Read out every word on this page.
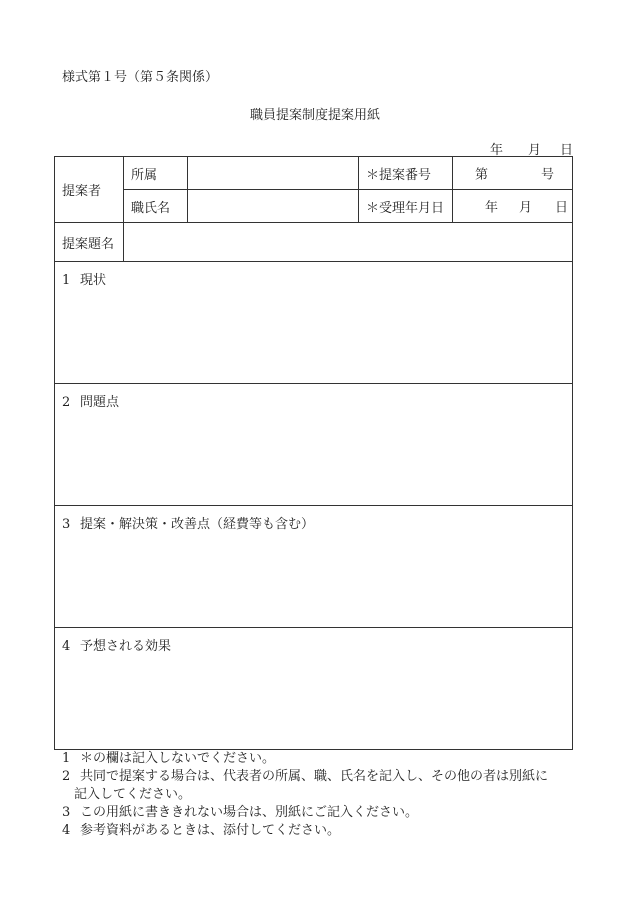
様式第１号（第５条関係）
職員提案制度提案用紙
年 月 日
提案者	所属		＊提案番号	第 号

	職氏名		＊受理年月日	年 月 日

提案題名				
1 現状				
2 問題点				
3 提案・解決策・改善点（経費等も含む）				
4 予想される効果				
1 ＊の欄は記入しないでください。
2 共同で提案する場合は、代表者の所属、職、氏名を記入し、その他の者は別紙に
記入してください。
3 この用紙に書ききれない場合は、別紙にご記入ください。
4 参考資料があるときは、添付してください。
